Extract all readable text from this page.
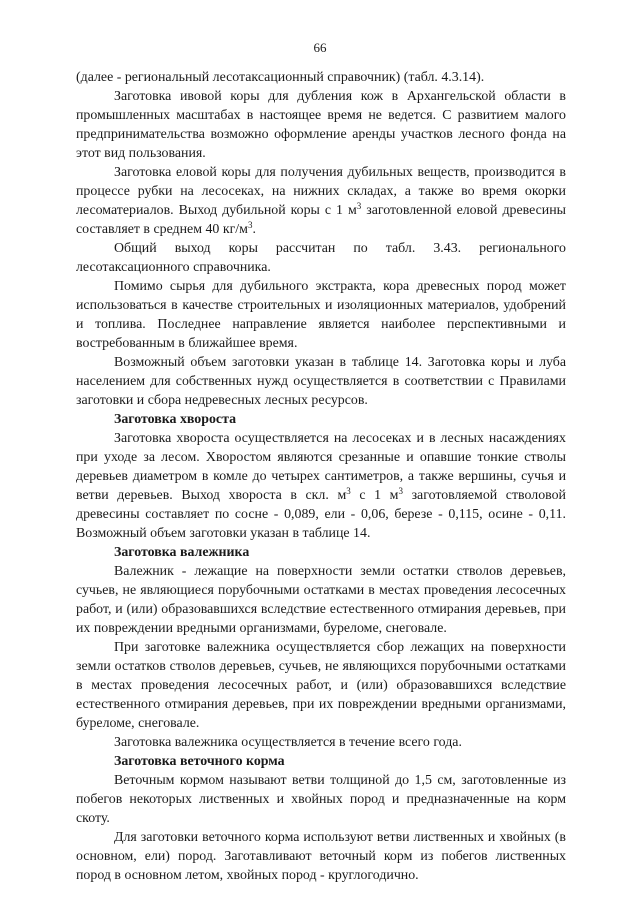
66

(далее - региональный лесотаксационный справочник) (табл. 4.3.14).

Заготовка ивовой коры для дубления кож в Архангельской области в промышленных масштабах в настоящее время не ведется. С развитием малого предпринимательства возможно оформление аренды участков лесного фонда на этот вид пользования.

Заготовка еловой коры для получения дубильных веществ, производится в процессе рубки на лесосеках, на нижних складах, а также во время окорки лесоматериалов. Выход дубильной коры с 1 $м^3$ заготовленной еловой древесины составляет в среднем 40 $кг/м^3$.

Общий выход коры рассчитан по табл. 3.43. регионального лесотаксационного справочника.

Помимо сырья для дубильного экстракта, кора древесных пород может использоваться в качестве строительных и изоляционных материалов, удобрений и топлива. Последнее направление является наиболее перспективными и востребованным в ближайшее время.

Возможный объем заготовки указан в таблице 14. Заготовка коры и луба населением для собственных нужд осуществляется в соответствии с Правилами заготовки и сбора недревесных лесных ресурсов.

Заготовка хвороста

Заготовка хвороста осуществляется на лесосеках и в лесных насаждениях при уходе за лесом. Хворостом являются срезанные и опавшие тонкие стволы деревьев диаметром в комле до четырех сантиметров, а также вершины, сучья и ветви деревьев. Выход хвороста в скл. $м^3$ с 1 $м^3$ заготовляемой стволовой древесины составляет по сосне - 0,089, ели - 0,06, березе - 0,115, осине - 0,11. Возможный объем заготовки указан в таблице 14.

Заготовка валежника

Валежник - лежащие на поверхности земли остатки стволов деревьев, сучьев, не являющиеся порубочными остатками в местах проведения лесосечных работ, и (или) образовавшихся вследствие естественного отмирания деревьев, при их повреждении вредными организмами, буреломе, снеговале.

При заготовке валежника осуществляется сбор лежащих на поверхности земли остатков стволов деревьев, сучьев, не являющихся порубочными остатками в местах проведения лесосечных работ, и (или) образовавшихся вследствие естественного отмирания деревьев, при их повреждении вредными организмами, буреломе, снеговале.

Заготовка валежника осуществляется в течение всего года.

Заготовка веточного корма

Веточным кормом называют ветви толщиной до 1,5 см, заготовленные из побегов некоторых лиственных и хвойных пород и предназначенные на корм скоту.

Для заготовки веточного корма используют ветви лиственных и хвойных (в основном, ели) пород. Заготавливают веточный корм из побегов лиственных пород в основном летом, хвойных пород - круглогодично.
